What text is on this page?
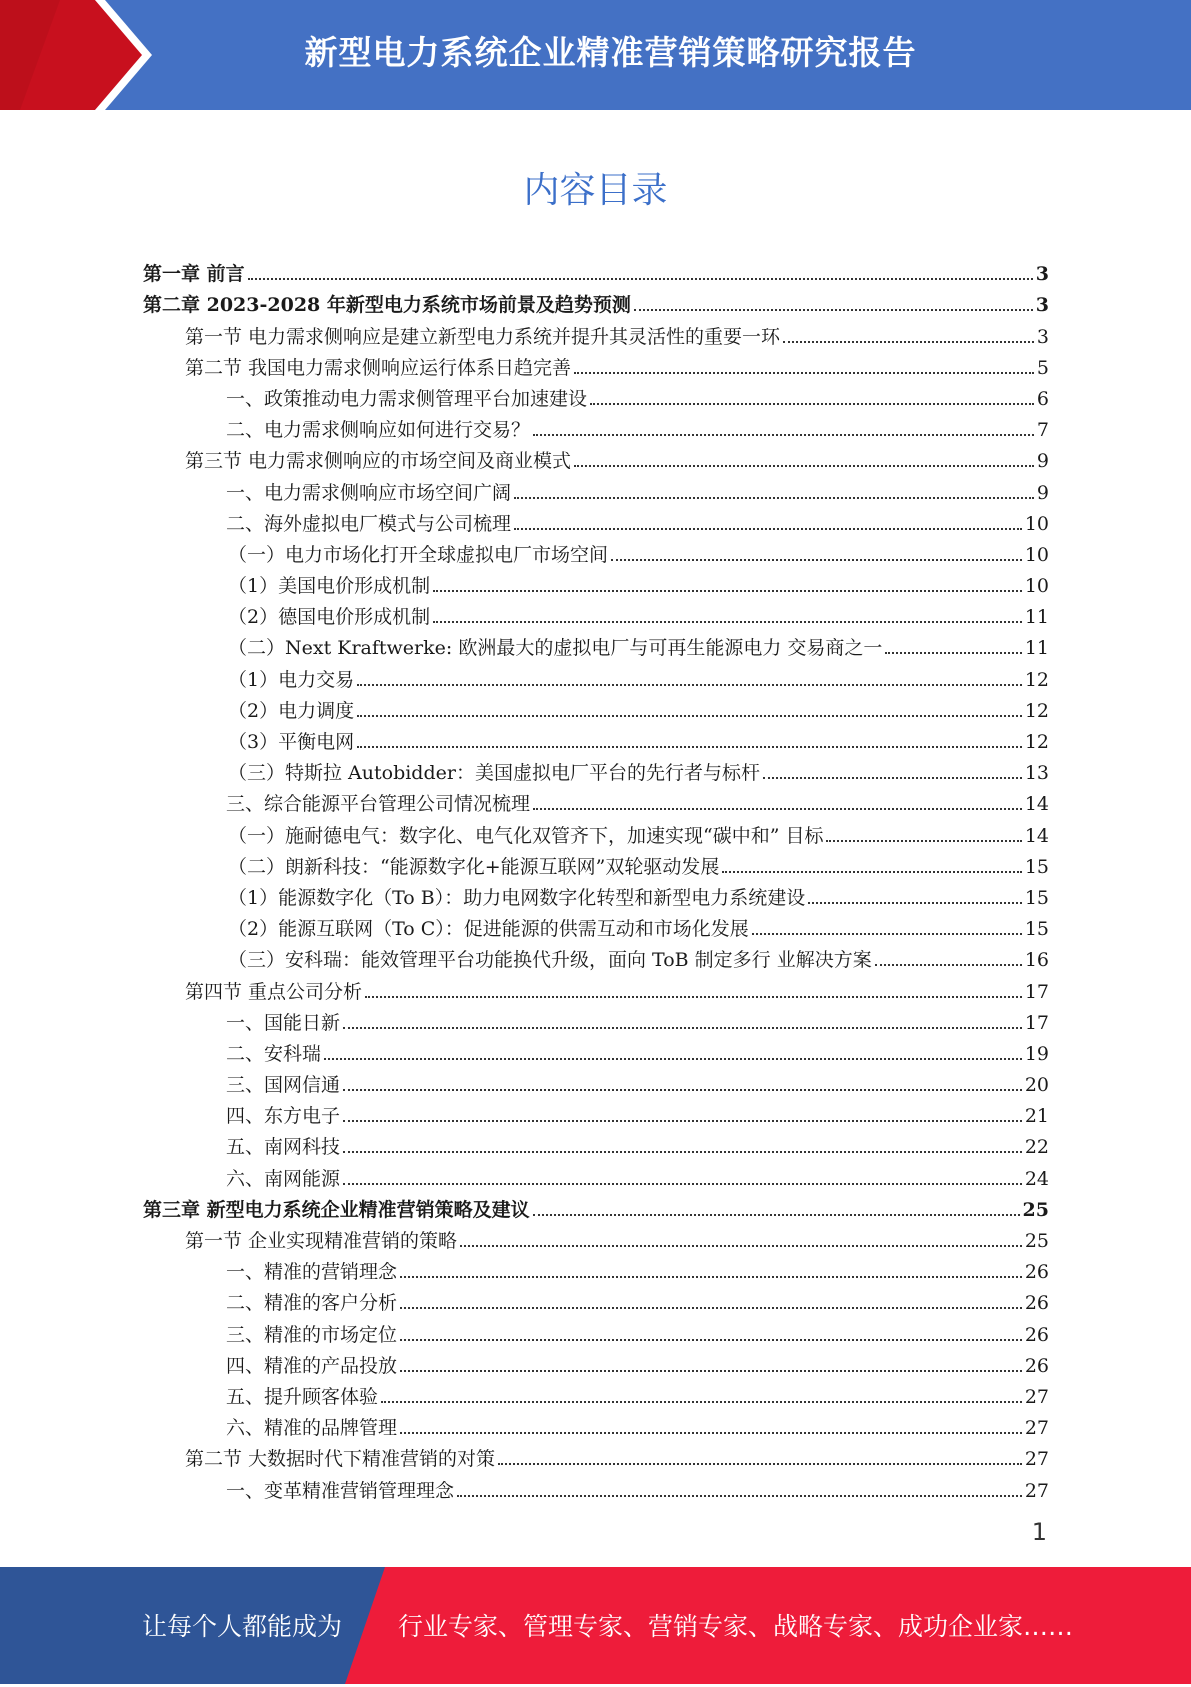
新型电力系统企业精准营销策略研究报告
内容目录
第一章 前言	3
第二章 2023-2028 年新型电力系统市场前景及趋势预测	3
第一节 电力需求侧响应是建立新型电力系统并提升其灵活性的重要一环	3
第二节 我国电力需求侧响应运行体系日趋完善	5
一、政策推动电力需求侧管理平台加速建设	6
二、电力需求侧响应如何进行交易？	7
第三节 电力需求侧响应的市场空间及商业模式	9
一、电力需求侧响应市场空间广阔	9
二、海外虚拟电厂模式与公司梳理	10
（一）电力市场化打开全球虚拟电厂市场空间	10
（1）美国电价形成机制	10
（2）德国电价形成机制	11
（二）Next Kraftwerke: 欧洲最大的虚拟电厂与可再生能源电力 交易商之一	11
（1）电力交易	12
（2）电力调度	12
（3）平衡电网	12
（三）特斯拉 Autobidder：美国虚拟电厂平台的先行者与标杆	13
三、综合能源平台管理公司情况梳理	14
（一）施耐德电气：数字化、电气化双管齐下，加速实现“碳中和” 目标	14
（二）朗新科技：“能源数字化+能源互联网”双轮驱动发展	15
（1）能源数字化（To B）：助力电网数字化转型和新型电力系统建设	15
（2）能源互联网（To C）：促进能源的供需互动和市场化发展	15
（三）安科瑞：能效管理平台功能换代升级，面向 ToB 制定多行 业解决方案	16
第四节 重点公司分析	17
一、国能日新	17
二、安科瑞	19
三、国网信通	20
四、东方电子	21
五、南网科技	22
六、南网能源	24
第三章 新型电力系统企业精准营销策略及建议	25
第一节 企业实现精准营销的策略	25
一、精准的营销理念	26
二、精准的客户分析	26
三、精准的市场定位	26
四、精准的产品投放	26
五、提升顾客体验	27
六、精准的品牌管理	27
第二节 大数据时代下精准营销的对策	27
一、变革精准营销管理理念	27
1
让每个人都能成为 行业专家、管理专家、营销专家、战略专家、成功企业家……
